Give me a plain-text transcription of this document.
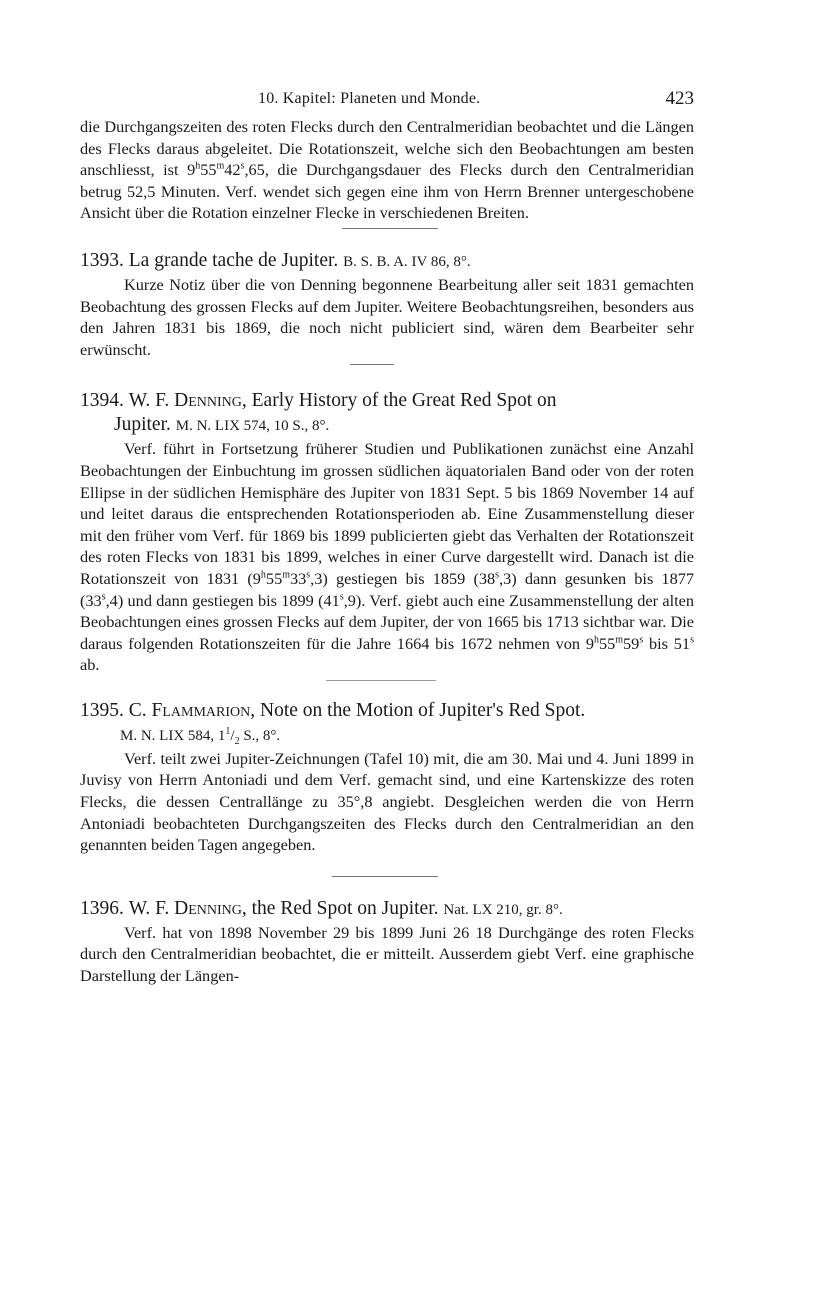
10. Kapitel: Planeten und Monde.	423

die Durchgangszeiten des roten Flecks durch den Centralmeridian beobachtet und die Längen des Flecks daraus abgeleitet. Die Rotationszeit, welche sich den Beobachtungen am besten anschliesst, ist 9$^h$55$^m$42$^s$,65, die Durchgangsdauer des Flecks durch den Centralmeridian betrug 52,5 Minuten. Verf. wendet sich gegen eine ihm von Herrn Brenner untergeschobene Ansicht über die Rotation einzelner Flecke in verschiedenen Breiten.

1393. La grande tache de Jupiter. B. S. B. A. IV 86, 8°.

Kurze Notiz über die von Denning begonnene Bearbeitung aller seit 1831 gemachten Beobachtung des grossen Flecks auf dem Jupiter. Weitere Beobachtungsreihen, besonders aus den Jahren 1831 bis 1869, die noch nicht publiciert sind, wären dem Bearbeiter sehr erwünscht.

1394. W. F. Denning, Early History of the Great Red Spot on

Jupiter. M. N. LIX 574, 10 S., 8°.

Verf. führt in Fortsetzung früherer Studien und Publikationen zunächst eine Anzahl Beobachtungen der Einbuchtung im grossen südlichen äquatorialen Band oder von der roten Ellipse in der südlichen Hemisphäre des Jupiter von 1831 Sept. 5 bis 1869 November 14 auf und leitet daraus die entsprechenden Rotationsperioden ab. Eine Zusammenstellung dieser mit den früher vom Verf. für 1869 bis 1899 publicierten giebt das Verhalten der Rotationszeit des roten Flecks von 1831 bis 1899, welches in einer Curve dargestellt wird. Danach ist die Rotationszeit von 1831 (9$^h$55$^m$33$^s$,3) gestiegen bis 1859 (38$^s$,3) dann gesunken bis 1877 (33$^s$,4) und dann gestiegen bis 1899 (41$^s$,9). Verf. giebt auch eine Zusammenstellung der alten Beobachtungen eines grossen Flecks auf dem Jupiter, der von 1665 bis 1713 sichtbar war. Die daraus folgenden Rotationszeiten für die Jahre 1664 bis 1672 nehmen von 9$^h$55$^m$59$^s$ bis 51$^s$ ab.

1395. C. Flammarion, Note on the Motion of Jupiter's Red Spot.

M. N. LIX 584, $1^1/_2$ S., 8°.

Verf. teilt zwei Jupiter-Zeichnungen (Tafel 10) mit, die am 30. Mai und 4. Juni 1899 in Juvisy von Herrn Antoniadi und dem Verf. gemacht sind, und eine Kartenskizze des roten Flecks, die dessen Centrallänge zu 35°,8 angiebt. Desgleichen werden die von Herrn Antoniadi beobachteten Durchgangszeiten des Flecks durch den Centralmeridian an den genannten beiden Tagen angegeben.

1396. W. F. Denning, the Red Spot on Jupiter. Nat. LX 210, gr. 8°.

Verf. hat von 1898 November 29 bis 1899 Juni 26 18 Durchgänge des roten Flecks durch den Centralmeridian beobachtet, die er mitteilt. Ausserdem giebt Verf. eine graphische Darstellung der Längen-
